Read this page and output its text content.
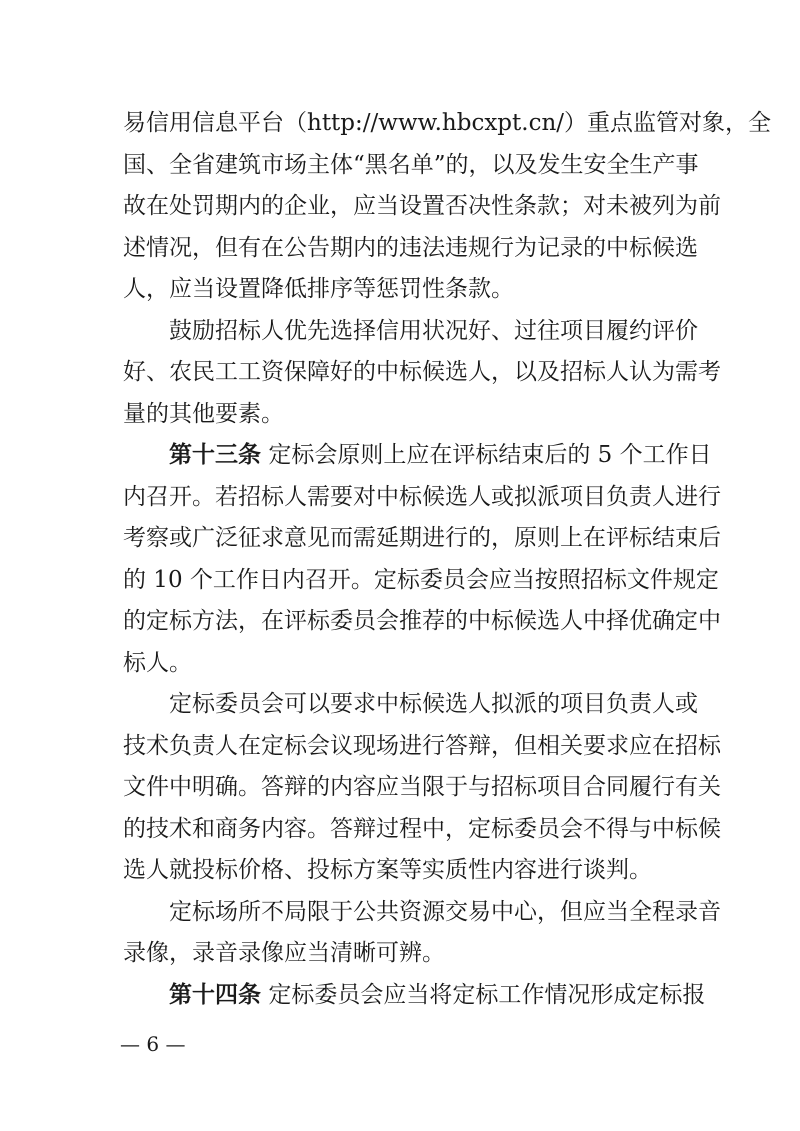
易信用信息平台（http://www.hbcxpt.cn/）重点监管对象，全
国、全省建筑市场主体“黑名单”的，以及发生安全生产事
故在处罚期内的企业，应当设置否决性条款；对未被列为前
述情况，但有在公告期内的违法违规行为记录的中标候选
人，应当设置降低排序等惩罚性条款。
鼓励招标人优先选择信用状况好、过往项目履约评价
好、农民工工资保障好的中标候选人，以及招标人认为需考
量的其他要素。
第十三条 定标会原则上应在评标结束后的 5 个工作日
内召开。若招标人需要对中标候选人或拟派项目负责人进行
考察或广泛征求意见而需延期进行的，原则上在评标结束后
的 10 个工作日内召开。定标委员会应当按照招标文件规定
的定标方法，在评标委员会推荐的中标候选人中择优确定中
标人。
定标委员会可以要求中标候选人拟派的项目负责人或
技术负责人在定标会议现场进行答辩，但相关要求应在招标
文件中明确。答辩的内容应当限于与招标项目合同履行有关
的技术和商务内容。答辩过程中，定标委员会不得与中标候
选人就投标价格、投标方案等实质性内容进行谈判。
定标场所不局限于公共资源交易中心，但应当全程录音
录像，录音录像应当清晰可辨。
第十四条 定标委员会应当将定标工作情况形成定标报
— 6 —
